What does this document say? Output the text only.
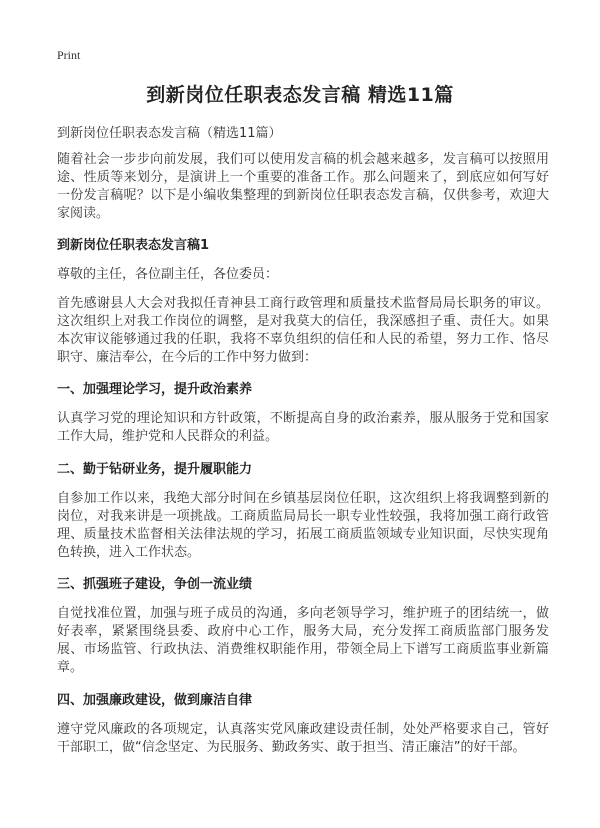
Print
到新岗位任职表态发言稿 精选11篇
到新岗位任职表态发言稿（精选11篇）

随着社会一步步向前发展，我们可以使用发言稿的机会越来越多，发言稿可以按照用途、性质等来划分，是演讲上一个重要的准备工作。那么问题来了，到底应如何写好一份发言稿呢？以下是小编收集整理的到新岗位任职表态发言稿，仅供参考，欢迎大家阅读。

到新岗位任职表态发言稿1

尊敬的主任，各位副主任，各位委员：

首先感谢县人大会对我拟任青神县工商行政管理和质量技术监督局局长职务的审议。这次组织上对我工作岗位的调整，是对我莫大的信任，我深感担子重、责任大。如果本次审议能够通过我的任职，我将不辜负组织的信任和人民的希望，努力工作、恪尽职守、廉洁奉公，在今后的工作中努力做到：

一、加强理论学习，提升政治素养

认真学习党的理论知识和方针政策，不断提高自身的政治素养，服从服务于党和国家工作大局，维护党和人民群众的利益。

二、勤于钻研业务，提升履职能力

自参加工作以来，我绝大部分时间在乡镇基层岗位任职，这次组织上将我调整到新的岗位，对我来讲是一项挑战。工商质监局局长一职专业性较强，我将加强工商行政管理、质量技术监督相关法律法规的学习，拓展工商质监领域专业知识面，尽快实现角色转换，进入工作状态。

三、抓强班子建设，争创一流业绩

自觉找准位置，加强与班子成员的沟通，多向老领导学习，维护班子的团结统一，做好表率，紧紧围绕县委、政府中心工作，服务大局，充分发挥工商质监部门服务发展、市场监管、行政执法、消费维权职能作用，带领全局上下谱写工商质监事业新篇章。

四、加强廉政建设，做到廉洁自律

遵守党风廉政的各项规定，认真落实党风廉政建设责任制，处处严格要求自己，管好干部职工，做“信念坚定、为民服务、勤政务实、敢于担当、清正廉洁”的好干部。
